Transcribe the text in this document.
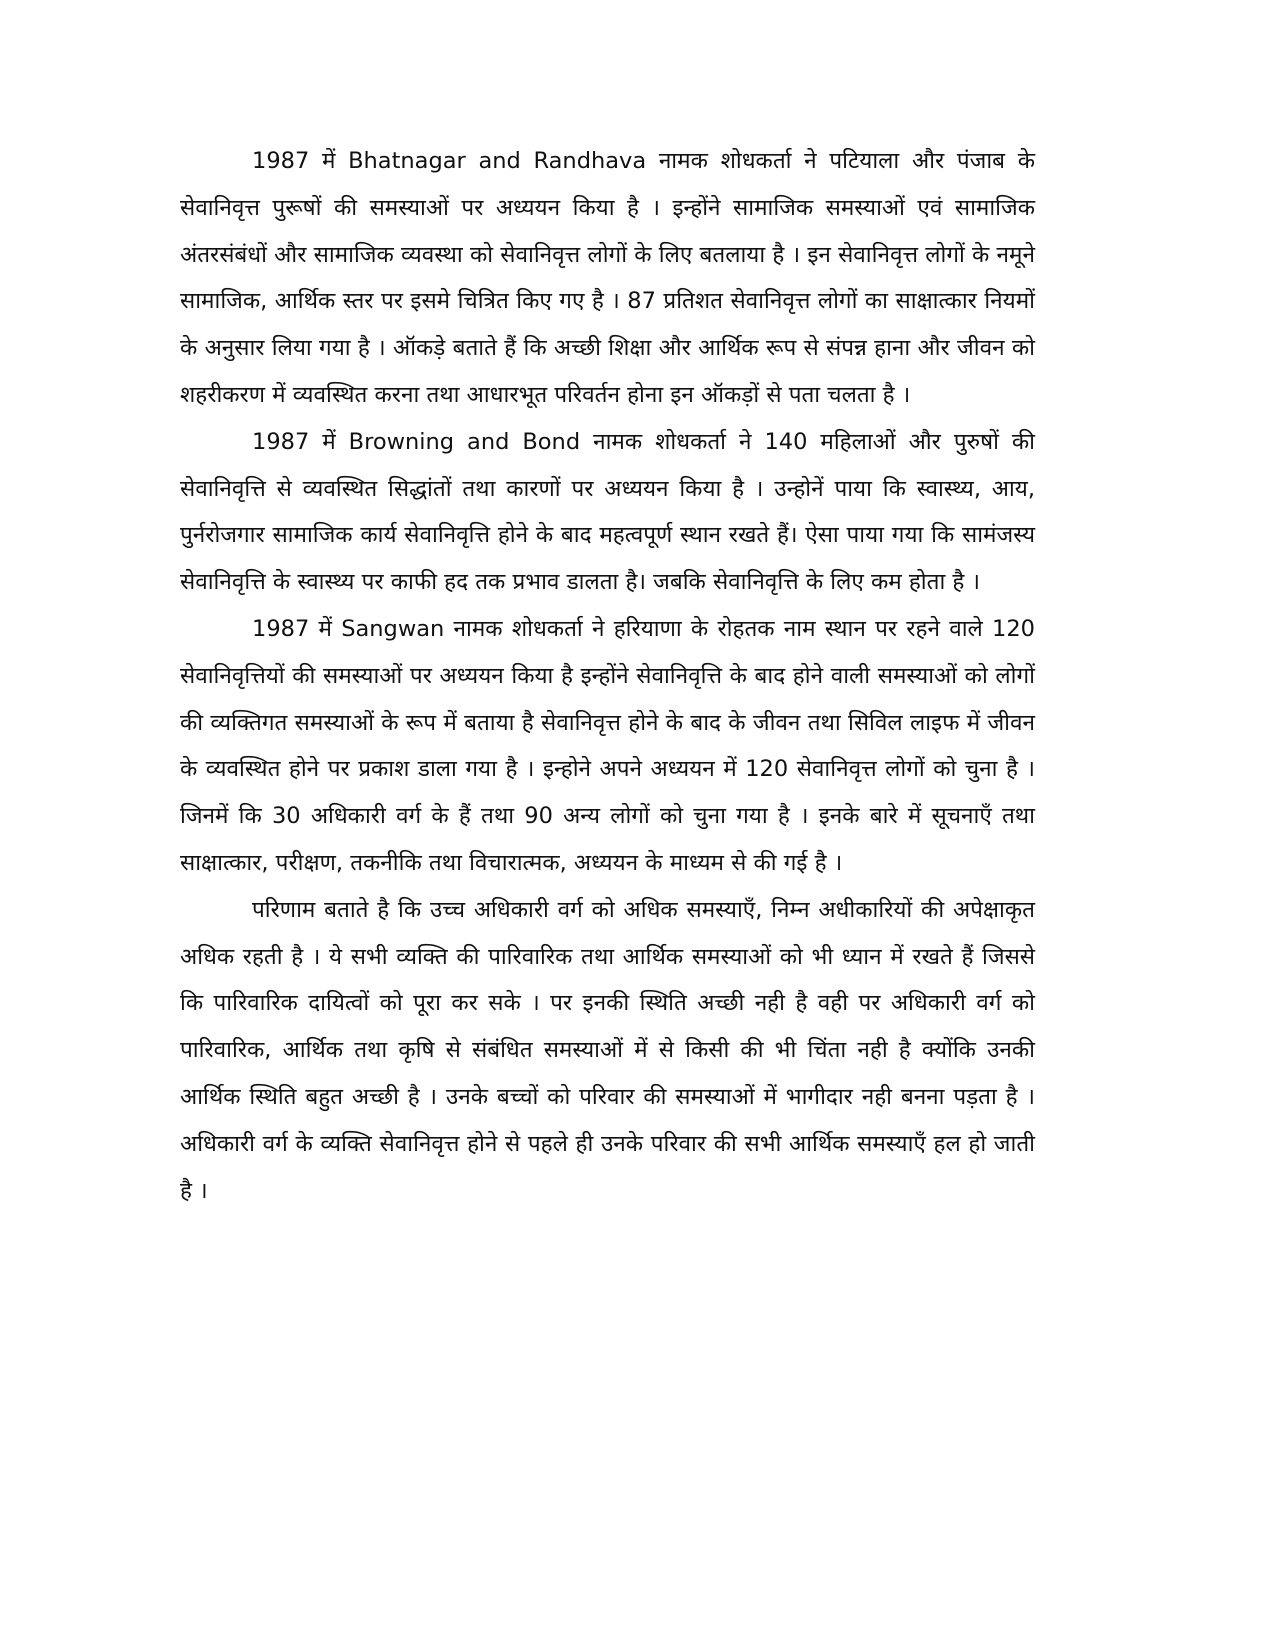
1987 में Bhatnagar and Randhava नामक शोधकर्ता ने पटियाला और पंजाब के सेवानिवृत्त पुरूषों की समस्याओं पर अध्ययन किया है । इन्होंने सामाजिक समस्याओं एवं सामाजिक अंतरसंबंधों और सामाजिक व्यवस्था को सेवानिवृत्त लोगों के लिए बतलाया है । इन सेवानिवृत्त लोगों के नमूने सामाजिक, आर्थिक स्तर पर इसमे चित्रित किए गए है । 87 प्रतिशत सेवानिवृत्त लोगों का साक्षात्कार नियमों के अनुसार लिया गया है । ऑकड़े बताते हैं कि अच्छी शिक्षा और आर्थिक रूप से संपन्न हाना और जीवन को शहरीकरण में व्यवस्थित करना तथा आधारभूत परिवर्तन होना इन ऑकड़ों से पता चलता है ।

1987 में Browning and Bond नामक शोधकर्ता ने 140 महिलाओं और पुरुषों की सेवानिवृत्ति से व्यवस्थित सिद्धांतों तथा कारणों पर अध्ययन किया है । उन्होनें पाया कि स्वास्थ्य, आय, पुर्नरोजगार सामाजिक कार्य सेवानिवृत्ति होने के बाद महत्वपूर्ण स्थान रखते हैं। ऐसा पाया गया कि सामंजस्य सेवानिवृत्ति के स्वास्थ्य पर काफी हद तक प्रभाव डालता है। जबकि सेवानिवृत्ति के लिए कम होता है ।

1987 में Sangwan नामक शोधकर्ता ने हरियाणा के रोहतक नाम स्थान पर रहने वाले 120 सेवानिवृत्तियों की समस्याओं पर अध्ययन किया है इन्होंने सेवानिवृत्ति के बाद होने वाली समस्याओं को लोगों की व्यक्तिगत समस्याओं के रूप में बताया है सेवानिवृत्त होने के बाद के जीवन तथा सिविल लाइफ में जीवन के व्यवस्थित होने पर प्रकाश डाला गया है । इन्होने अपने अध्ययन में 120 सेवानिवृत्त लोगों को चुना है । जिनमें कि 30 अधिकारी वर्ग के हैं तथा 90 अन्य लोगों को चुना गया है । इनके बारे में सूचनाएँ तथा साक्षात्कार, परीक्षण, तकनीकि तथा विचारात्मक, अध्ययन के माध्यम से की गई है ।

परिणाम बताते है कि उच्च अधिकारी वर्ग को अधिक समस्याएँ, निम्न अधीकारियों की अपेक्षाकृत अधिक रहती है । ये सभी व्यक्ति की पारिवारिक तथा आर्थिक समस्याओं को भी ध्यान में रखते हैं जिससे कि पारिवारिक दायित्वों को पूरा कर सके । पर इनकी स्थिति अच्छी नही है वही पर अधिकारी वर्ग को पारिवारिक, आर्थिक तथा कृषि से संबंधित समस्याओं में से किसी की भी चिंता नही है क्योंकि उनकी आर्थिक स्थिति बहुत अच्छी है । उनके बच्चों को परिवार की समस्याओं में भागीदार नही बनना पड़ता है । अधिकारी वर्ग के व्यक्ति सेवानिवृत्त होने से पहले ही उनके परिवार की सभी आर्थिक समस्याएँ हल हो जाती है ।
